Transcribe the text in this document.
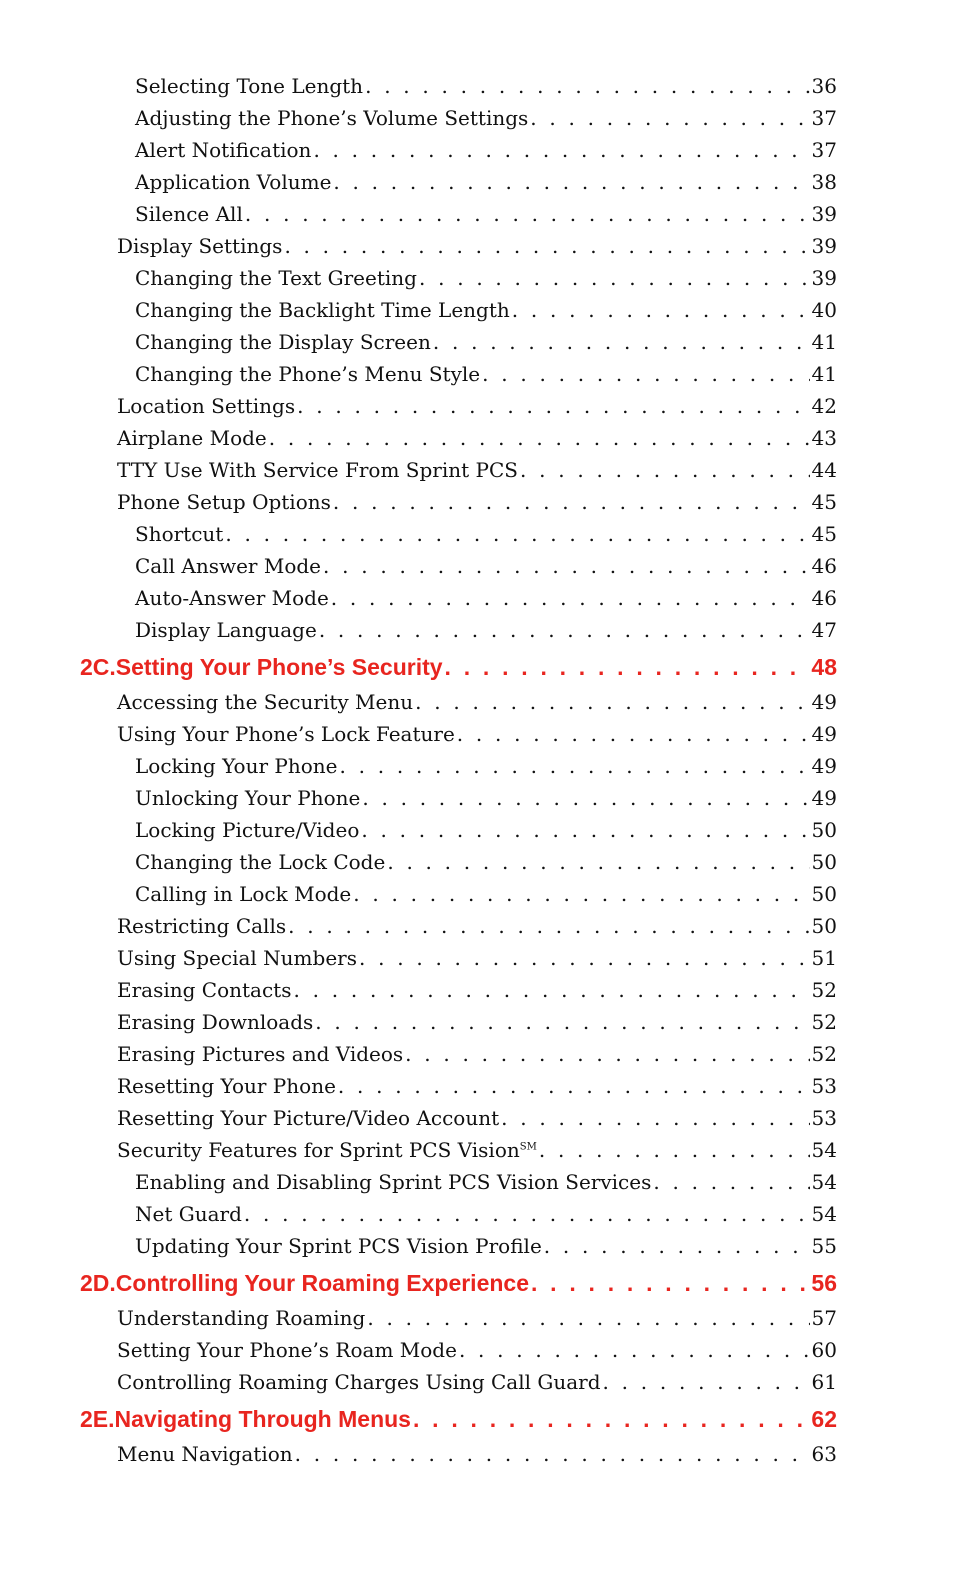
Selecting Tone Length . . .	36
Adjusting the Phone’s Volume Settings . . .	37
Alert Notification . . .	37
Application Volume . . .	38
Silence All . . .	39
Display Settings . . .	39
Changing the Text Greeting . . .	39
Changing the Backlight Time Length . . .	40
Changing the Display Screen . . .	41
Changing the Phone’s Menu Style . . .	41
Location Settings . . .	42
Airplane Mode . . .	43
TTY Use With Service From Sprint PCS . . .	44
Phone Setup Options . . .	45
Shortcut . . .	45
Call Answer Mode . . .	46
Auto-Answer Mode . . .	46
Display Language . . .	47
2C.Setting Your Phone’s Security . . .	48
Accessing the Security Menu . . .	49
Using Your Phone’s Lock Feature . . .	49
Locking Your Phone . . .	49
Unlocking Your Phone . . .	49
Locking Picture/Video . . .	50
Changing the Lock Code . . .	50
Calling in Lock Mode . . .	50
Restricting Calls . . .	50
Using Special Numbers . . .	51
Erasing Contacts . . .	52
Erasing Downloads . . .	52
Erasing Pictures and Videos . . .	52
Resetting Your Phone . . .	53
Resetting Your Picture/Video Account . . .	53
Security Features for Sprint PCS Vision℠ . . .	54
Enabling and Disabling Sprint PCS Vision Services . . .	54
Net Guard . . .	54
Updating Your Sprint PCS Vision Profile . . .	55
2D.Controlling Your Roaming Experience . . .	56
Understanding Roaming . . .	57
Setting Your Phone’s Roam Mode . . .	60
Controlling Roaming Charges Using Call Guard . . .	61
2E.Navigating Through Menus . . .	62
Menu Navigation . . .	63
